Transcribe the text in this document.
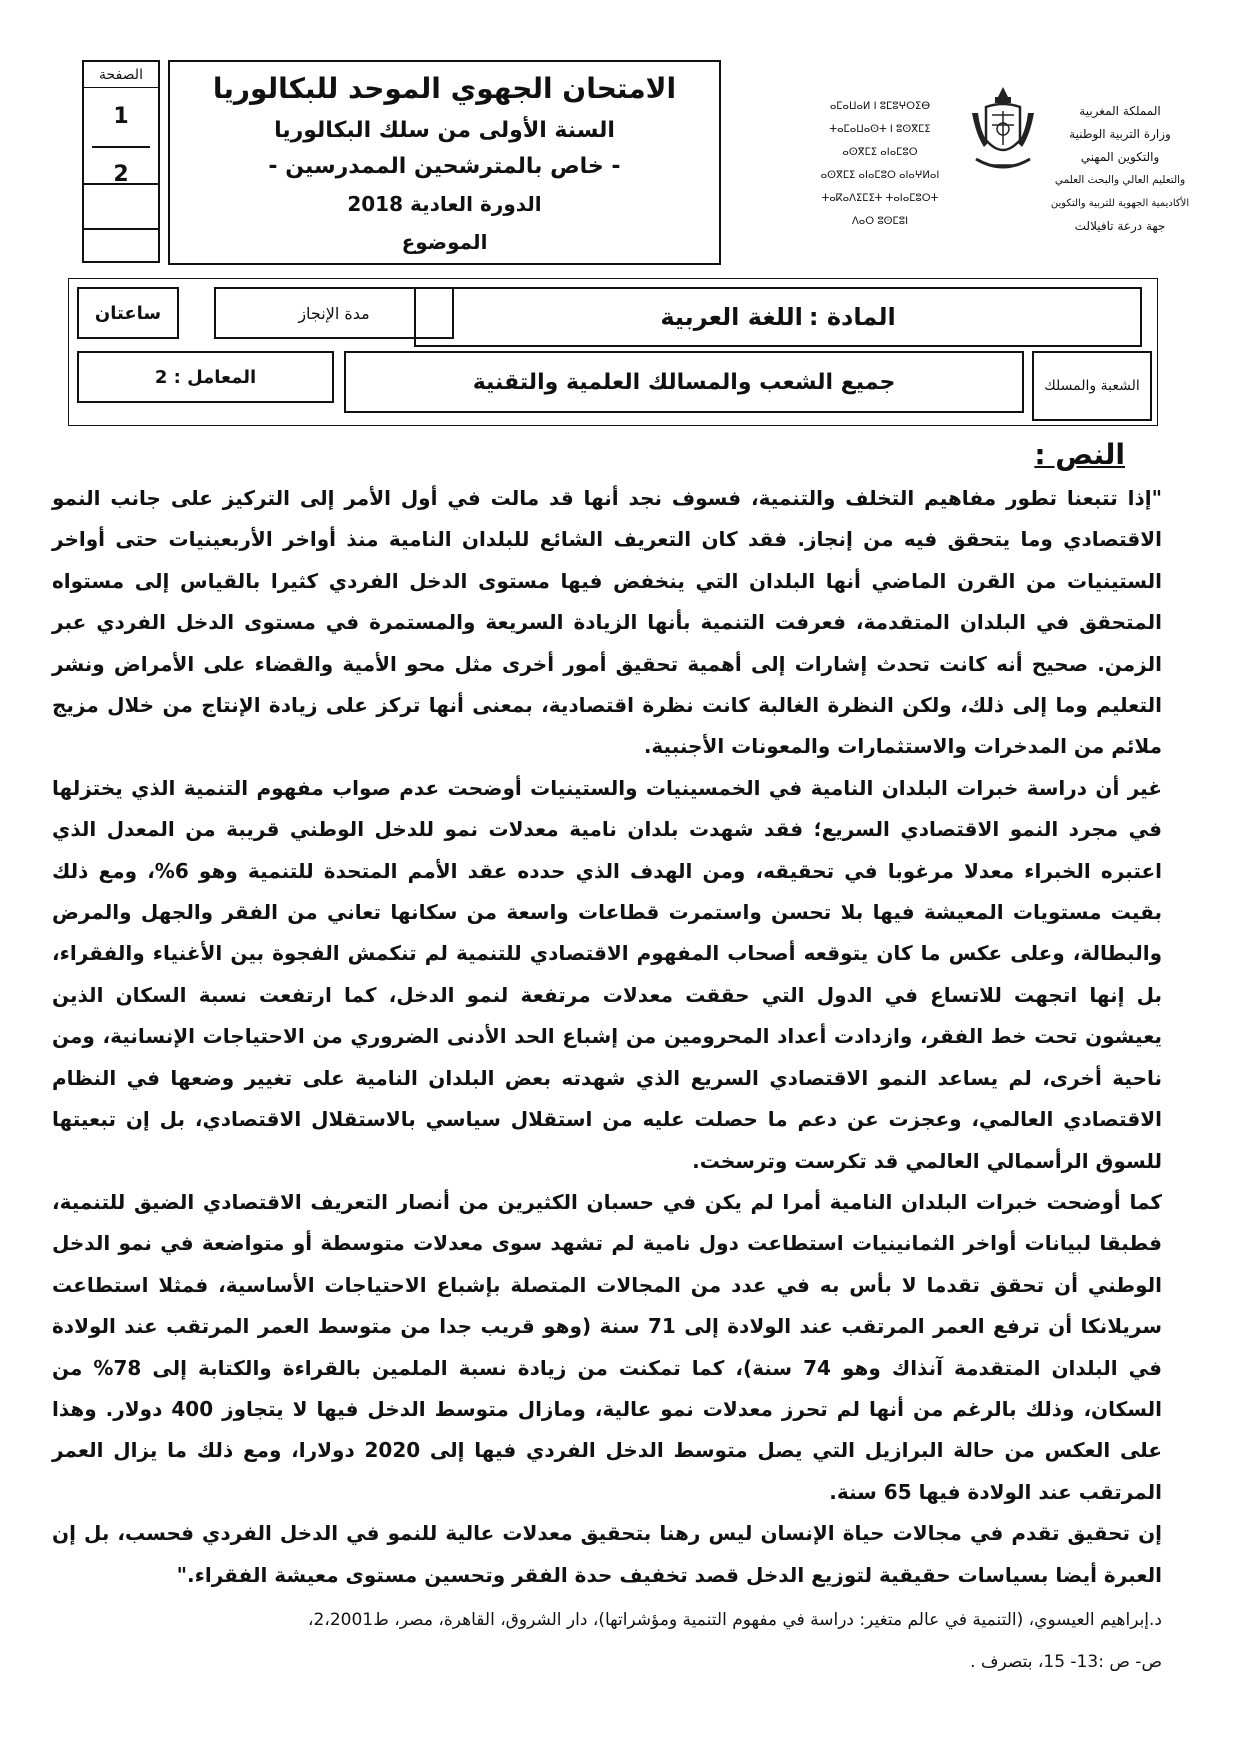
الصفحة
1
2
الامتحان الجهوي الموحد للبكالوريا
السنة الأولى من سلك البكالوريا
- خاص بالمترشحين الممدرسين -
الدورة العادية 2018
الموضوع
ⴰⵎⴰⵡⴰⵍ ⵏ ⵓⵎⵓⵖⵔⵉⴱ
ⵜⴰⵎⴰⵡⴰⵙⵜ ⵏ ⵓⵙⴳⵎⵉ
ⴰⵙⴳⵎⵉ ⴰⵏⴰⵎⵓⵔ
ⴰⵙⴳⵎⵉ ⴰⵏⴰⵎⵓⵔ ⴰⵏⴰⵖⵍⴰⵏ
ⵜⴰⴽⴰⴷⵉⵎⵉⵜ ⵜⴰⵏⴰⵎⵓⵔⵜ
ⴷⴰⵔ ⵓⵙⵎⵓⵏ
المملكة المغربية
وزارة التربية الوطنية
والتكوين المهني
والتعليم العالي والبحث العلمي
الأكاديمية الجهوية للتربية والتكوين
جهة درعة تافيلالت
ساعتان	مدة الإنجاز	المادة :
اللغة العربية
المعامل : 2	جميع الشعب والمسالك العلمية والتقنية	الشعبة والمسلك
النص :

"إذا تتبعنا تطور مفاهيم التخلف والتنمية، فسوف نجد أنها قد مالت في أول الأمر إلى التركيز على جانب النمو الاقتصادي وما يتحقق فيه من إنجاز. فقد كان التعريف الشائع للبلدان النامية منذ أواخر الأربعينيات حتى أواخر الستينيات من القرن الماضي أنها البلدان التي ينخفض فيها مستوى الدخل الفردي كثيرا بالقياس إلى مستواه المتحقق في البلدان المتقدمة، فعرفت التنمية بأنها الزيادة السريعة والمستمرة في مستوى الدخل الفردي عبر الزمن. صحيح أنه كانت تحدث إشارات إلى أهمية تحقيق أمور أخرى مثل محو الأمية والقضاء على الأمراض ونشر التعليم وما إلى ذلك، ولكن النظرة الغالبة كانت نظرة اقتصادية، بمعنى أنها تركز على زيادة الإنتاج من خلال مزيج ملائم من المدخرات والاستثمارات والمعونات الأجنبية.

غير أن دراسة خبرات البلدان النامية في الخمسينيات والستينيات أوضحت عدم صواب مفهوم التنمية الذي يختزلها في مجرد النمو الاقتصادي السريع؛ فقد شهدت بلدان نامية معدلات نمو للدخل الوطني قريبة من المعدل الذي اعتبره الخبراء معدلا مرغوبا في تحقيقه، ومن الهدف الذي حدده عقد الأمم المتحدة للتنمية وهو 6%، ومع ذلك بقيت مستويات المعيشة فيها بلا تحسن واستمرت قطاعات واسعة من سكانها تعاني من الفقر والجهل والمرض والبطالة، وعلى عكس ما كان يتوقعه أصحاب المفهوم الاقتصادي للتنمية لم تنكمش الفجوة بين الأغنياء والفقراء، بل إنها اتجهت للاتساع في الدول التي حققت معدلات مرتفعة لنمو الدخل، كما ارتفعت نسبة السكان الذين يعيشون تحت خط الفقر، وازدادت أعداد المحرومين من إشباع الحد الأدنى الضروري من الاحتياجات الإنسانية، ومن ناحية أخرى، لم يساعد النمو الاقتصادي السريع الذي شهدته بعض البلدان النامية على تغيير وضعها في النظام الاقتصادي العالمي، وعجزت عن دعم ما حصلت عليه من استقلال سياسي بالاستقلال الاقتصادي، بل إن تبعيتها للسوق الرأسمالي العالمي قد تكرست وترسخت.

كما أوضحت خبرات البلدان النامية أمرا لم يكن في حسبان الكثيرين من أنصار التعريف الاقتصادي الضيق للتنمية، فطبقا لبيانات أواخر الثمانينيات استطاعت دول نامية لم تشهد سوى معدلات متوسطة أو متواضعة في نمو الدخل الوطني أن تحقق تقدما لا بأس به في عدد من المجالات المتصلة بإشباع الاحتياجات الأساسية، فمثلا استطاعت سريلانكا أن ترفع العمر المرتقب عند الولادة إلى 71 سنة (وهو قريب جدا من متوسط العمر المرتقب عند الولادة في البلدان المتقدمة آنذاك وهو 74 سنة)، كما تمكنت من زيادة نسبة الملمين بالقراءة والكتابة إلى 78% من السكان، وذلك بالرغم من أنها لم تحرز معدلات نمو عالية، ومازال متوسط الدخل فيها لا يتجاوز 400 دولار. وهذا على العكس من حالة البرازيل التي يصل متوسط الدخل الفردي فيها إلى 2020 دولارا، ومع ذلك ما يزال العمر المرتقب عند الولادة فيها 65 سنة.

إن تحقيق تقدم في مجالات حياة الإنسان ليس رهنا بتحقيق معدلات عالية للنمو في الدخل الفردي فحسب، بل إن العبرة أيضا بسياسات حقيقية لتوزيع الدخل قصد تخفيف حدة الفقر وتحسين مستوى معيشة الفقراء."

د.إبراهيم العيسوي، (التنمية في عالم متغير: دراسة في مفهوم التنمية ومؤشراتها)، دار الشروق، القاهرة، مصر، ط2،2001،
ص- ص :13- 15، بتصرف .
